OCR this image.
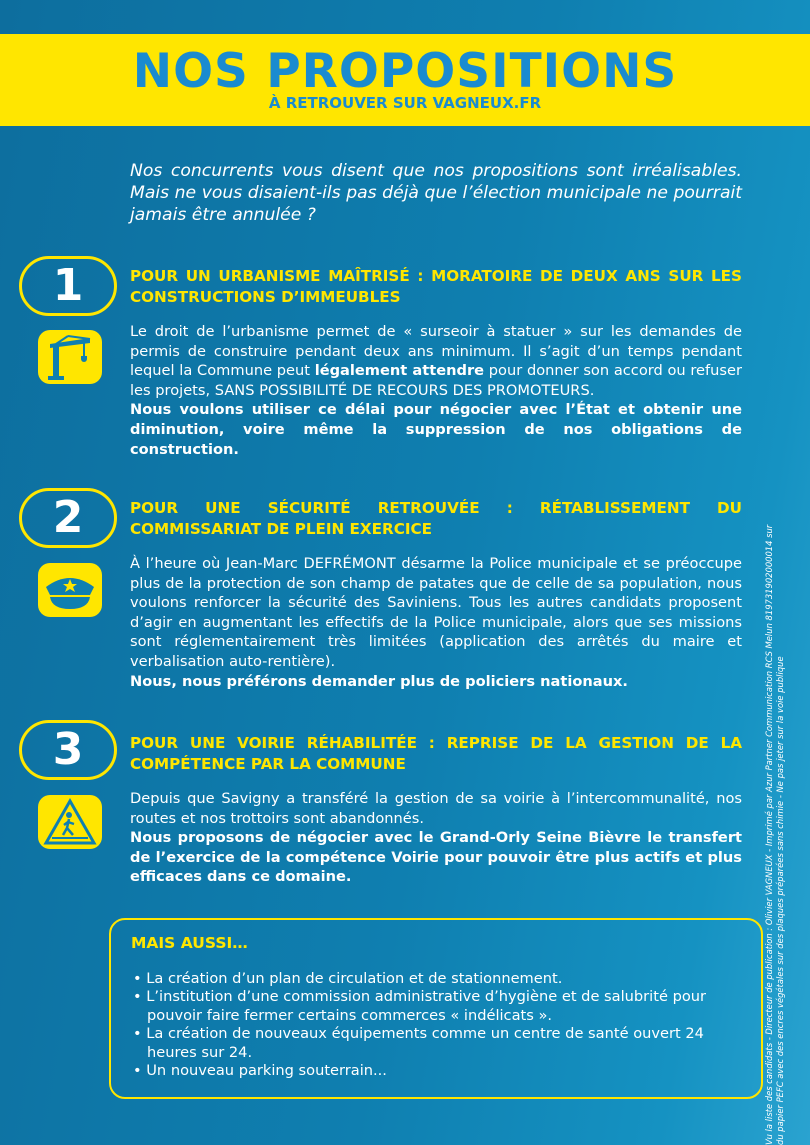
NOS PROPOSITIONS
À RETROUVER SUR VAGNEUX.FR
Nos concurrents vous disent que nos propositions sont irréalisables. Mais ne vous disaient-ils pas déjà que l’élection municipale ne pourrait jamais être annulée ?
1	POUR UN URBANISME MAÎTRISÉ : MORATOIRE DE DEUX ANS SUR LES CONSTRUCTIONS D’IMMEUBLES
Le droit de l’urbanisme permet de « surseoir à statuer » sur les demandes de permis de construire pendant deux ans minimum. Il s’agit d’un temps pendant lequel la Commune peut légalement attendre pour donner son accord ou refuser les projets, SANS POSSIBILITÉ DE RECOURS DES PROMOTEURS.
Nous voulons utiliser ce délai pour négocier avec l’État et obtenir une diminution, voire même la suppression de nos obligations de construction.
2	POUR UNE SÉCURITÉ RETROUVÉE : RÉTABLISSEMENT DU COMMISSARIAT DE PLEIN EXERCICE
À l’heure où Jean-Marc DEFRÉMONT désarme la Police municipale et se préoccupe plus de la protection de son champ de patates que de celle de sa population, nous voulons renforcer la sécurité des Saviniens. Tous les autres candidats proposent d’agir en augmentant les effectifs de la Police municipale, alors que ses missions sont réglementairement très limitées (application des arrêtés du maire et verbalisation auto-rentière).
Nous, nous préférons demander plus de policiers nationaux.
3	POUR UNE VOIRIE RÉHABILITÉE : REPRISE DE LA GESTION DE LA COMPÉTENCE PAR LA COMMUNE
Depuis que Savigny a transféré la gestion de sa voirie à l’intercommunalité, nos routes et nos trottoirs sont abandonnés.
Nous proposons de négocier avec le Grand-Orly Seine Bièvre le transfert de l’exercice de la compétence Voirie pour pouvoir être plus actifs et plus efficaces dans ce domaine.
MAIS AUSSI…
• La création d’un plan de circulation et de stationnement.
• L’institution d’une commission administrative d’hygiène et de salubrité pour pouvoir faire fermer certains commerces « indélicats ».
• La création de nouveaux équipements comme un centre de santé ouvert 24 heures sur 24.
• Un nouveau parking souterrain...	Vu la liste des candidats - Directeur de publication : Olivier VAGNEUX - Imprimé par Azur Partner Communication RCS Melun 819731902000014 sur du papier PEFC avec des encres végétales sur des plaques préparées sans chimie - Ne pas jeter sur la voie publique
